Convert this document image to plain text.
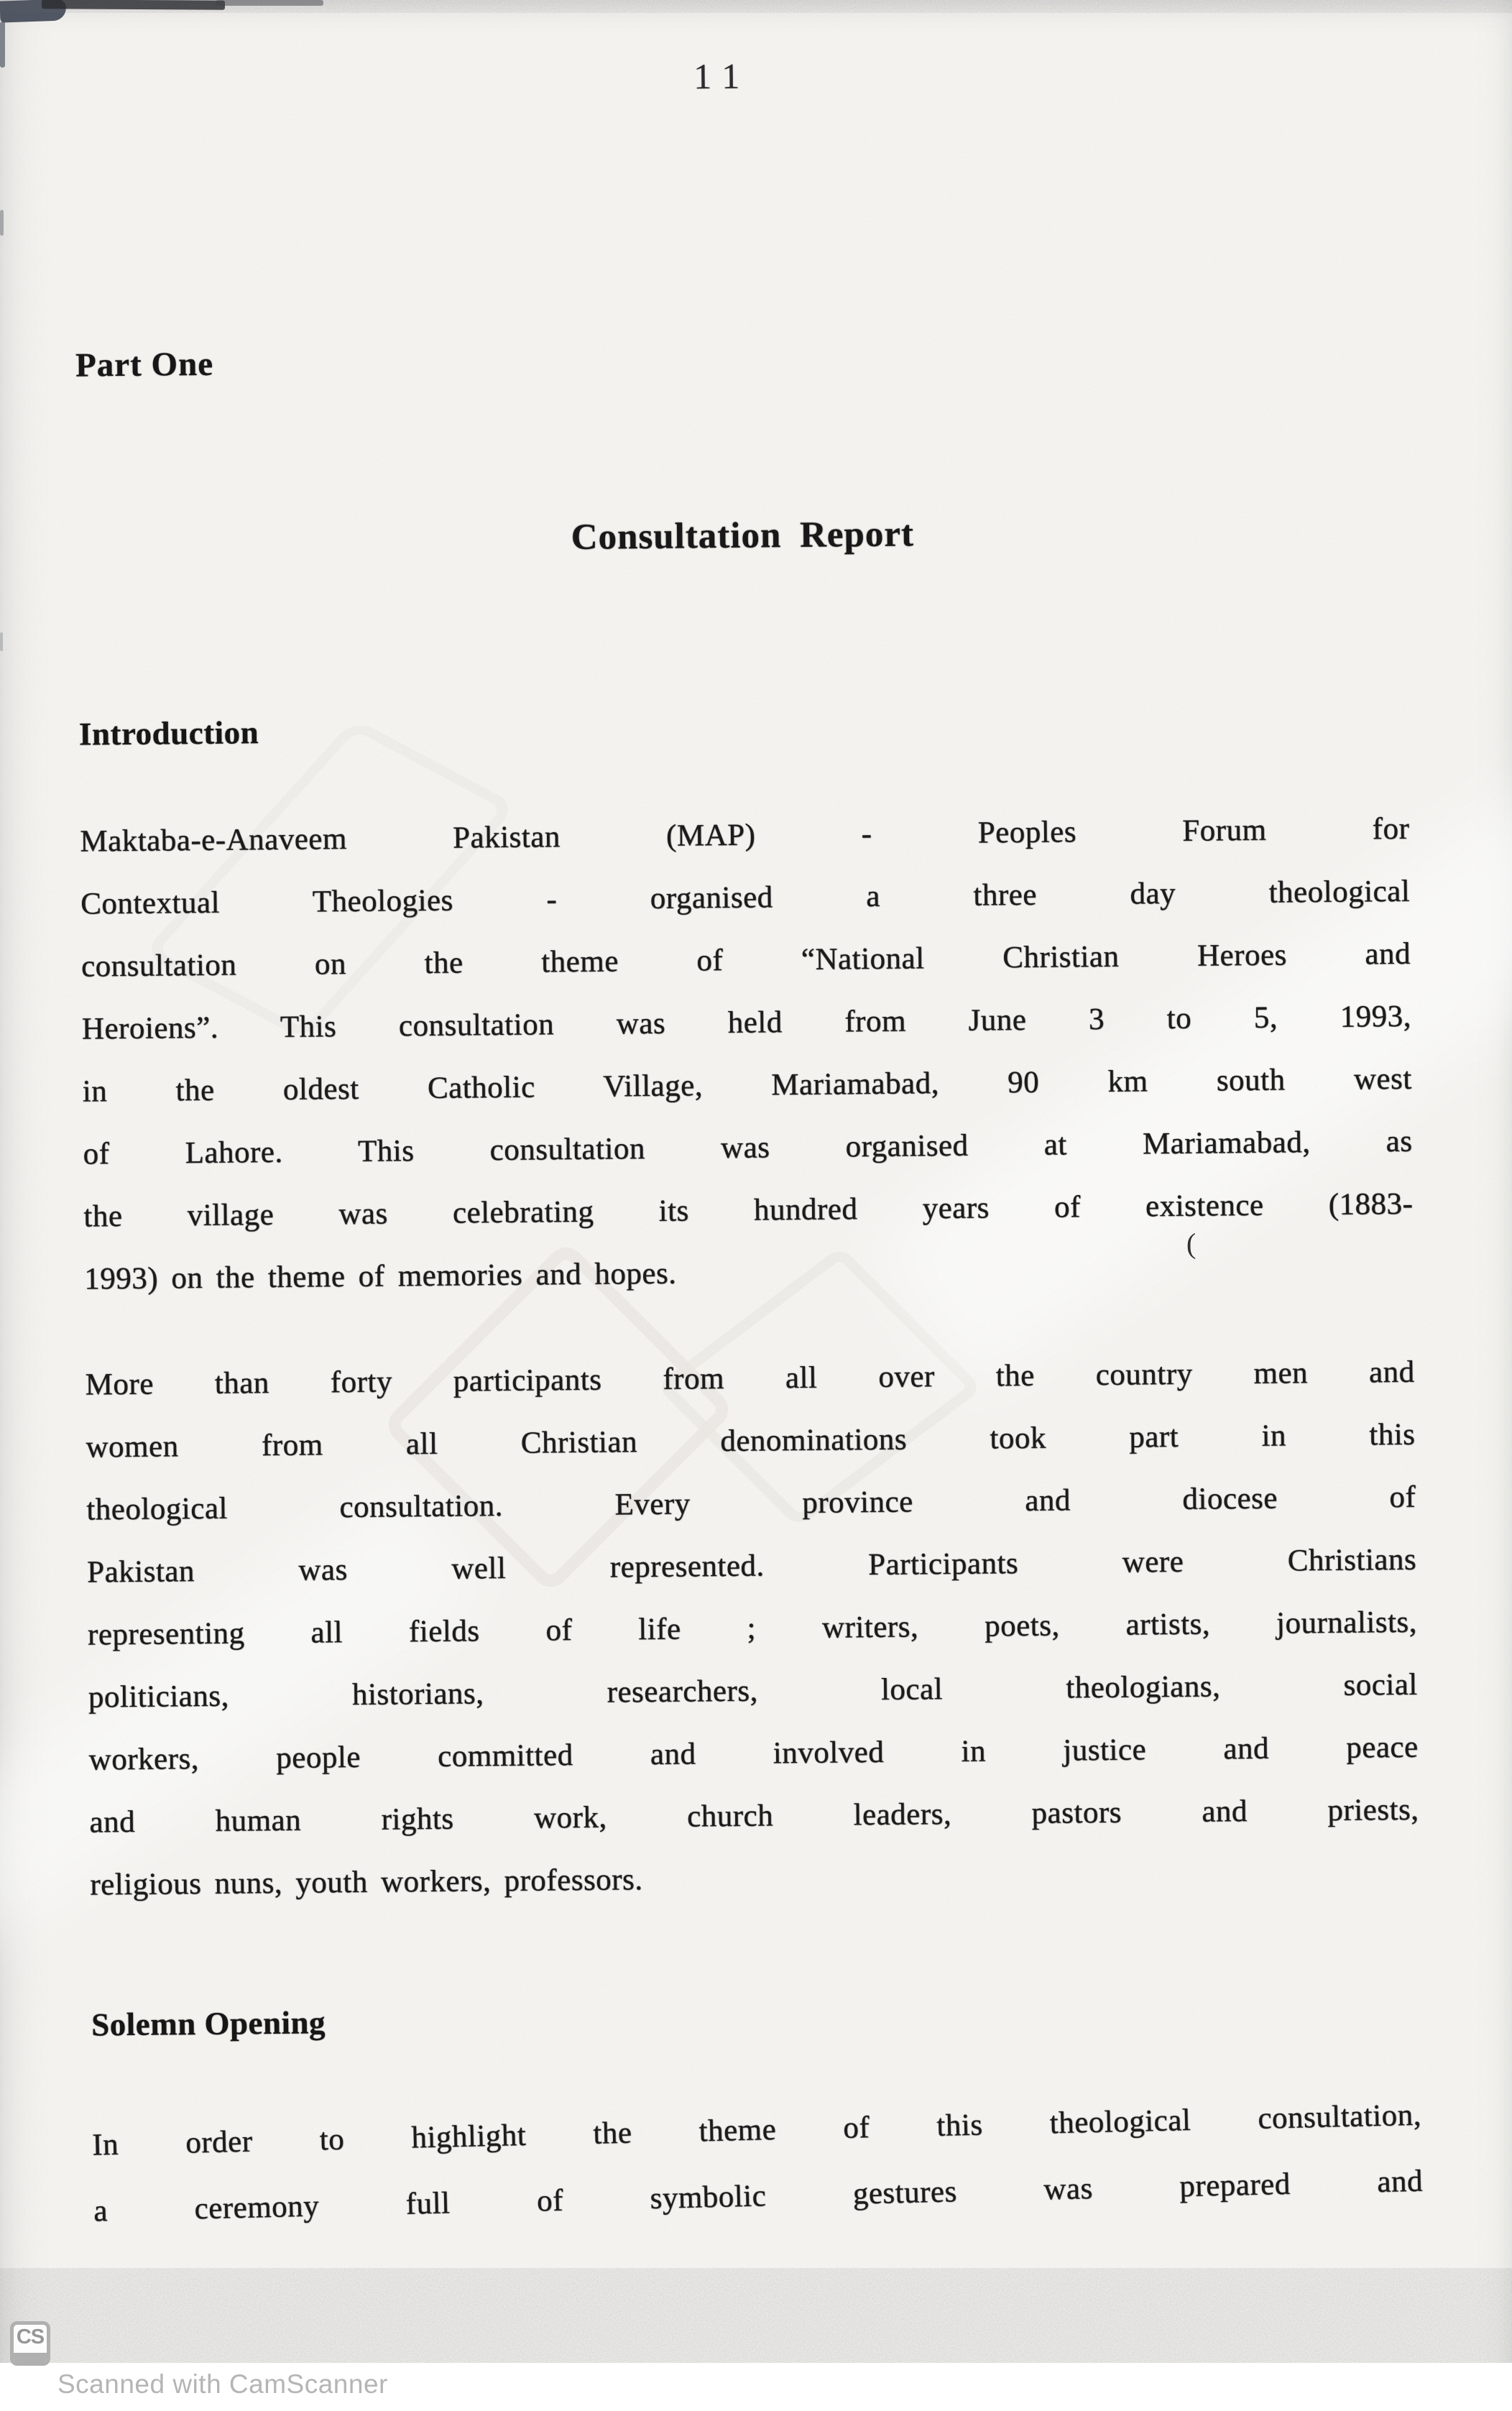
11
Part One
Consultation Report
Introduction
Maktaba-e-Anaveem Pakistan (MAP) - Peoples Forum for
Contextual Theologies - organised a three day theological
consultation on the theme of “National Christian Heroes and
Heroiens”. This consultation was held from June 3 to 5, 1993,
in the oldest Catholic Village, Mariamabad, 90 km south west
of Lahore. This consultation was organised at Mariamabad, as
the village was celebrating its hundred years of existence (1883-
1993) on the theme of memories and hopes.
More than forty participants from all over the country men and
women from all Christian denominations took part in this
theological consultation. Every province and diocese of
Pakistan was well represented. Participants were Christians
representing all fields of life ; writers, poets, artists, journalists,
politicians, historians, researchers, local theologians, social
workers, people committed and involved in justice and peace
and human rights work, church leaders, pastors and priests,
religious nuns, youth workers, professors.
Solemn Opening
In order to highlight the theme of this theological consultation,
a ceremony full of symbolic gestures was prepared and
(
CS
Scanned with CamScanner
